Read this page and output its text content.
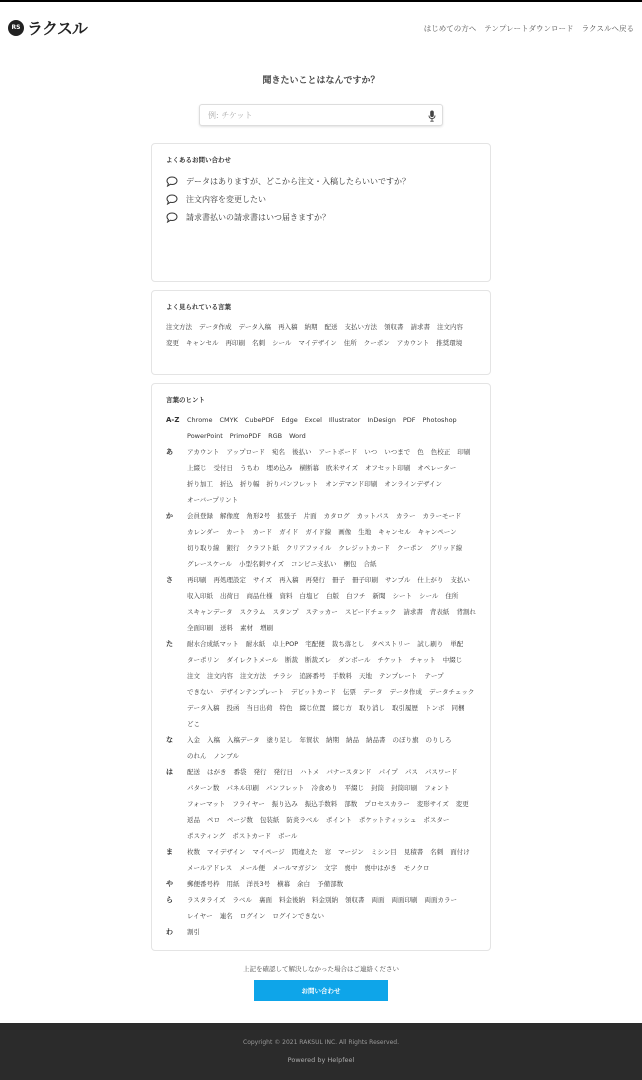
RS ラクスル	はじめての方へ テンプレートダウンロード ラクスルへ戻る
聞きたいことはなんですか？
例: チケット
よくあるお問い合わせ
データはありますが、どこから注文・入稿したらいいですか？
注文内容を変更したい
請求書払いの請求書はいつ届きますか？
よく見られている言葉
注文方法 データ作成 データ入稿 再入稿 納期 配送 支払い方法 領収書 請求書 注文内容
変更 キャンセル 再印刷 名刺 シール マイデザイン 住所 クーポン アカウント 推奨環境
言葉のヒント
A-Z	Chrome CMYK CubePDF Edge Excel Illustrator InDesign PDF Photoshop
PowerPoint PrimoPDF RGB Word
あ	アカウント アップロード 宛名 後払い アートボード いつ いつまで 色 色校正 印刷
上綴じ 受付日 うちわ 埋め込み 横断幕 欧米サイズ オフセット印刷 オペレーター
折り加工 折込 折り幅 折りパンフレット オンデマンド印刷 オンラインデザイン
オーバープリント
か	会員登録 解像度 角形2号 拡張子 片面 カタログ カットパス カラー カラーモード
カレンダー カート カード ガイド ガイド線 画像 生地 キャンセル キャンペーン
切り取り線 銀行 クラフト紙 クリアファイル クレジットカード クーポン グリッド線
グレースケール 小型名刺サイズ コンビニ支払い 梱包 合紙
さ	再印刷 再処理設定 サイズ 再入稿 再発行 冊子 冊子印刷 サンプル 仕上がり 支払い
収入印紙 出荷日 商品仕様 資料 白塩ビ 白版 白フチ 新聞 シート シール 住所
スキャンデータ スクラム スタンプ ステッカー スピードチェック 請求書 背表紙 背割れ
全面印刷 送料 素材 増刷
た	耐水合成紙マット 耐水紙 卓上POP 宅配便 裁ち落とし タペストリー 試し刷り 単配
ターポリン ダイレクトメール 断裁 断裁ズレ ダンボール チケット チャット 中綴じ
注文 注文内容 注文方法 チラシ 追跡番号 手数料 天地 テンプレート テープ
できない デザインテンプレート デビットカード 伝票 データ データ作成 データチェック
データ入稿 投函 当日出荷 特色 綴じ位置 綴じ方 取り消し 取引履歴 トンボ 同梱
どこ
な	入金 入稿 入稿データ 塗り足し 年賀状 納期 納品 納品書 のぼり旗 のりしろ
のれん ノンブル
は	配送 はがき 番袋 発行 発行日 ハトメ バナースタンド パイプ パス パスワード
パターン数 パネル印刷 パンフレット 冷食めり 平綴じ 封筒 封筒印刷 フォント
フォーマット フライヤー 振り込み 振込手数料 部数 プロセスカラー 変形サイズ 変更
返品 ペロ ページ数 包装紙 防炎ラベル ポイント ポケットティッシュ ポスター
ポスティング ポストカード ボール
ま	枚数 マイデザイン マイページ 間違えた 窓 マージン ミシン目 見積書 名刺 面付け
メールアドレス メール便 メールマガジン 文字 喪中 喪中はがき モノクロ
や	郵便番号枠 用紙 洋長3号 横幕 余白 予備部数
ら	ラスタライズ ラベル 裏面 料金後納 料金別納 領収書 両面 両面印刷 両面カラー
レイヤー 連名 ログイン ログインできない
わ	割引
上記を確認して解決しなかった場合はご連絡ください
お問い合わせ
Copyright © 2021 RAKSUL INC. All Rights Reserved.
Powered by Helpfeel
